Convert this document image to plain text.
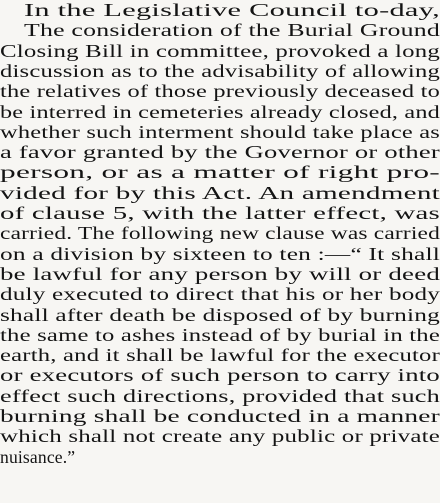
In the Legislative Council to-day,
The consideration of the Burial Ground
Closing Bill in committee, provoked a long
discussion as to the advisability of allowing
the relatives of those previously deceased to
be interred in cemeteries already closed, and
whether such interment should take place as
a favor granted by the Governor or other
person, or as a matter of right pro-
vided for by this Act. An amendment
of clause 5, with the latter effect, was
carried. The following new clause was carried
on a division by sixteen to ten :—“ It shall
be lawful for any person by will or deed
duly executed to direct that his or her body
shall after death be disposed of by burning
the same to ashes instead of by burial in the
earth, and it shall be lawful for the executor
or executors of such person to carry into
effect such directions, provided that such
burning shall be conducted in a manner
which shall not create any public or private
nuisance.”
